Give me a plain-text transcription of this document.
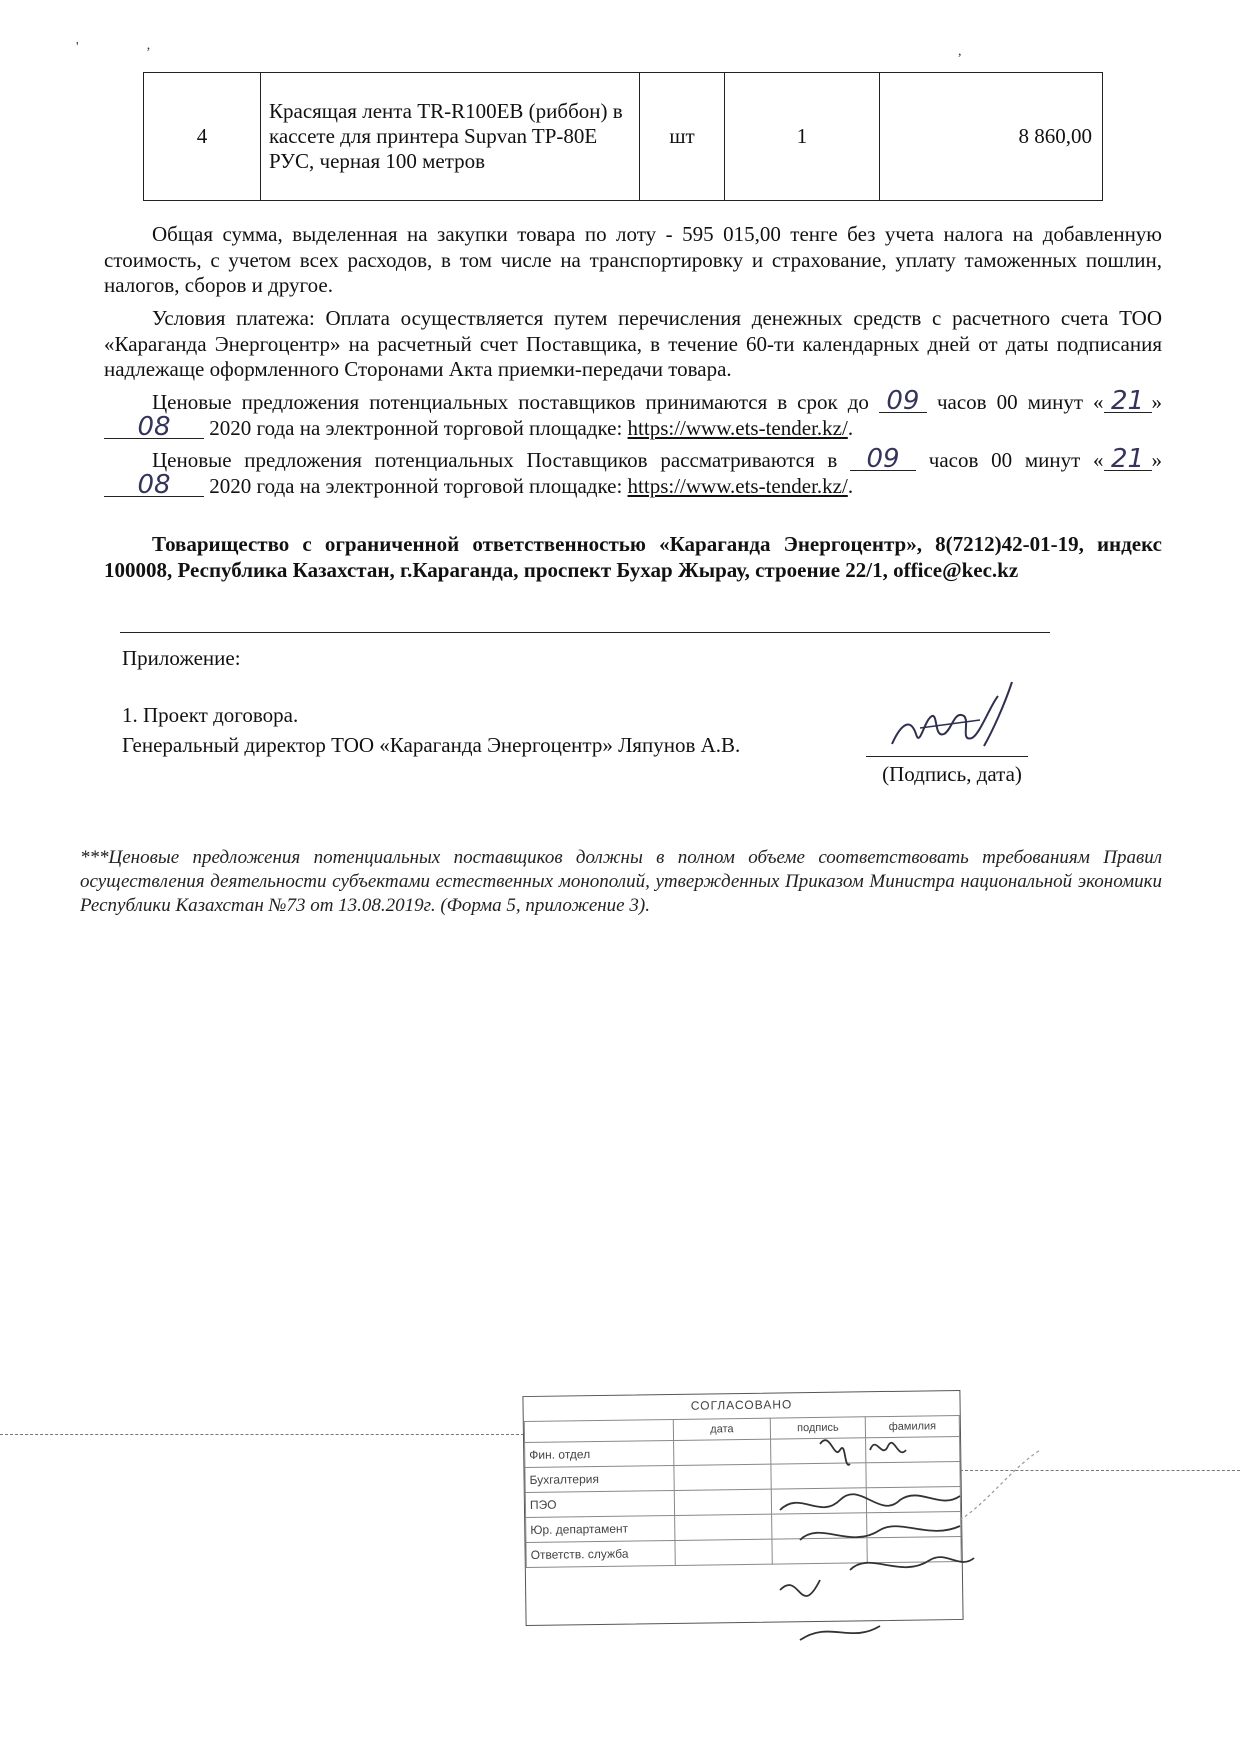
'	‚	,
4	Красящая лента TR-R100EB (риббон) в кассете для принтера Supvan TP-80E РУС, черная 100 метров	шт	1	8 860,00
Общая сумма, выделенная на закупки товара по лоту - 595 015,00 тенге без учета налога на добавленную стоимость, с учетом всех расходов, в том числе на транспортировку и страхование, уплату таможенных пошлин, налогов, сборов и другое.
Условия платежа: Оплата осуществляется путем перечисления денежных средств с расчетного счета ТОО «Караганда Энергоцентр» на расчетный счет Поставщика, в течение 60-ти календарных дней от даты подписания надлежаще оформленного Сторонами Акта приемки-передачи товара.
Ценовые предложения потенциальных поставщиков принимаются в срок до 09 часов 00 минут « 21 » 08 2020 года на электронной торговой площадке: https://www.ets-tender.kz/.
Ценовые предложения потенциальных Поставщиков рассматриваются в 09 часов 00 минут « 21 » 08 2020 года на электронной торговой площадке: https://www.ets-tender.kz/.
Товарищество с ограниченной ответственностью «Караганда Энергоцентр», 8(7212)42-01-19, индекс 100008, Республика Казахстан, г.Караганда, проспект Бухар Жырау, строение 22/1, office@kec.kz
Приложение:
1. Проект договора.
Генеральный директор ТОО «Караганда Энергоцентр» Ляпунов А.В.
(Подпись, дата)
***Ценовые предложения потенциальных поставщиков должны в полном объеме соответствовать требованиям Правил осуществления деятельности субъектами естественных монополий, утвержденных Приказом Министра национальной экономики Республики Казахстан №73 от 13.08.2019г. (Форма 5, приложение 3).
СОГЛАСОВАНО
	дата	подпись	фамилия
Фин. отдел			
Бухгалтерия			
ПЭО			
Юр. департамент			
Ответств. служба			
